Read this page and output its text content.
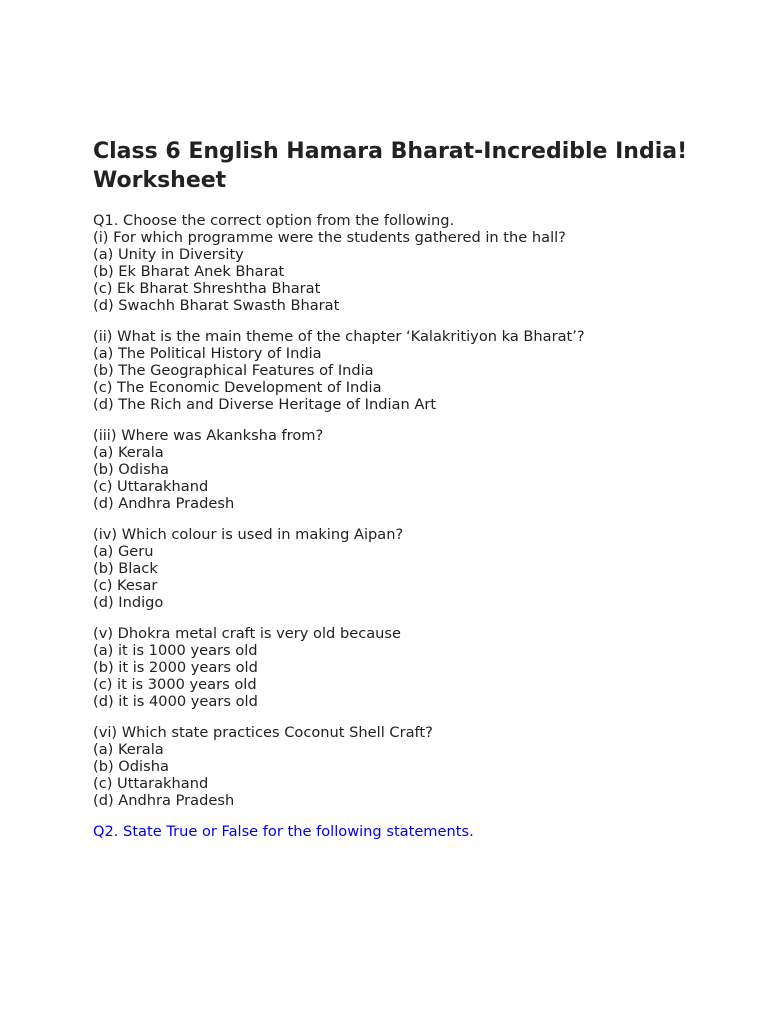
Class 6 English Hamara Bharat-Incredible India! Worksheet
Q1. Choose the correct option from the following.
(i) For which programme were the students gathered in the hall?
(a) Unity in Diversity
(b) Ek Bharat Anek Bharat
(c) Ek Bharat Shreshtha Bharat
(d) Swachh Bharat Swasth Bharat
(ii) What is the main theme of the chapter ‘Kalakritiyon ka Bharat’?
(a) The Political History of India
(b) The Geographical Features of India
(c) The Economic Development of India
(d) The Rich and Diverse Heritage of Indian Art
(iii) Where was Akanksha from?
(a) Kerala
(b) Odisha
(c) Uttarakhand
(d) Andhra Pradesh
(iv) Which colour is used in making Aipan?
(a) Geru
(b) Black
(c) Kesar
(d) Indigo
(v) Dhokra metal craft is very old because
(a) it is 1000 years old
(b) it is 2000 years old
(c) it is 3000 years old
(d) it is 4000 years old
(vi) Which state practices Coconut Shell Craft?
(a) Kerala
(b) Odisha
(c) Uttarakhand
(d) Andhra Pradesh
Q2. State True or False for the following statements.
